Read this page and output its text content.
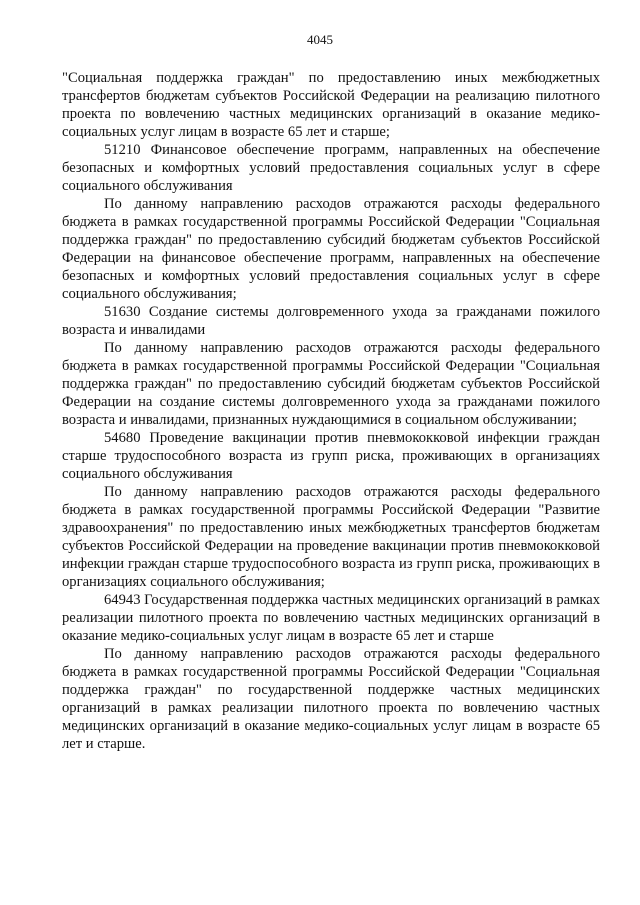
4045

"Социальная поддержка граждан" по предоставлению иных межбюджетных трансфертов бюджетам субъектов Российской Федерации на реализацию пилотного проекта по вовлечению частных медицинских организаций в оказание медико-социальных услуг лицам в возрасте 65 лет и старше;

51210 Финансовое обеспечение программ, направленных на обеспечение безопасных и комфортных условий предоставления социальных услуг в сфере социального обслуживания

По данному направлению расходов отражаются расходы федерального бюджета в рамках государственной программы Российской Федерации "Социальная поддержка граждан" по предоставлению субсидий бюджетам субъектов Российской Федерации на финансовое обеспечение программ, направленных на обеспечение безопасных и комфортных условий предоставления социальных услуг в сфере социального обслуживания;

51630 Создание системы долговременного ухода за гражданами пожилого возраста и инвалидами

По данному направлению расходов отражаются расходы федерального бюджета в рамках государственной программы Российской Федерации "Социальная поддержка граждан" по предоставлению субсидий бюджетам субъектов Российской Федерации на создание системы долговременного ухода за гражданами пожилого возраста и инвалидами, признанных нуждающимися в социальном обслуживании;

54680 Проведение вакцинации против пневмококковой инфекции граждан старше трудоспособного возраста из групп риска, проживающих в организациях социального обслуживания

По данному направлению расходов отражаются расходы федерального бюджета в рамках государственной программы Российской Федерации "Развитие здравоохранения" по предоставлению иных межбюджетных трансфертов бюджетам субъектов Российской Федерации на проведение вакцинации против пневмококковой инфекции граждан старше трудоспособного возраста из групп риска, проживающих в организациях социального обслуживания;

64943 Государственная поддержка частных медицинских организаций в рамках реализации пилотного проекта по вовлечению частных медицинских организаций в оказание медико-социальных услуг лицам в возрасте 65 лет и старше

По данному направлению расходов отражаются расходы федерального бюджета в рамках государственной программы Российской Федерации "Социальная поддержка граждан" по государственной поддержке частных медицинских организаций в рамках реализации пилотного проекта по вовлечению частных медицинских организаций в оказание медико-социальных услуг лицам в возрасте 65 лет и старше.
